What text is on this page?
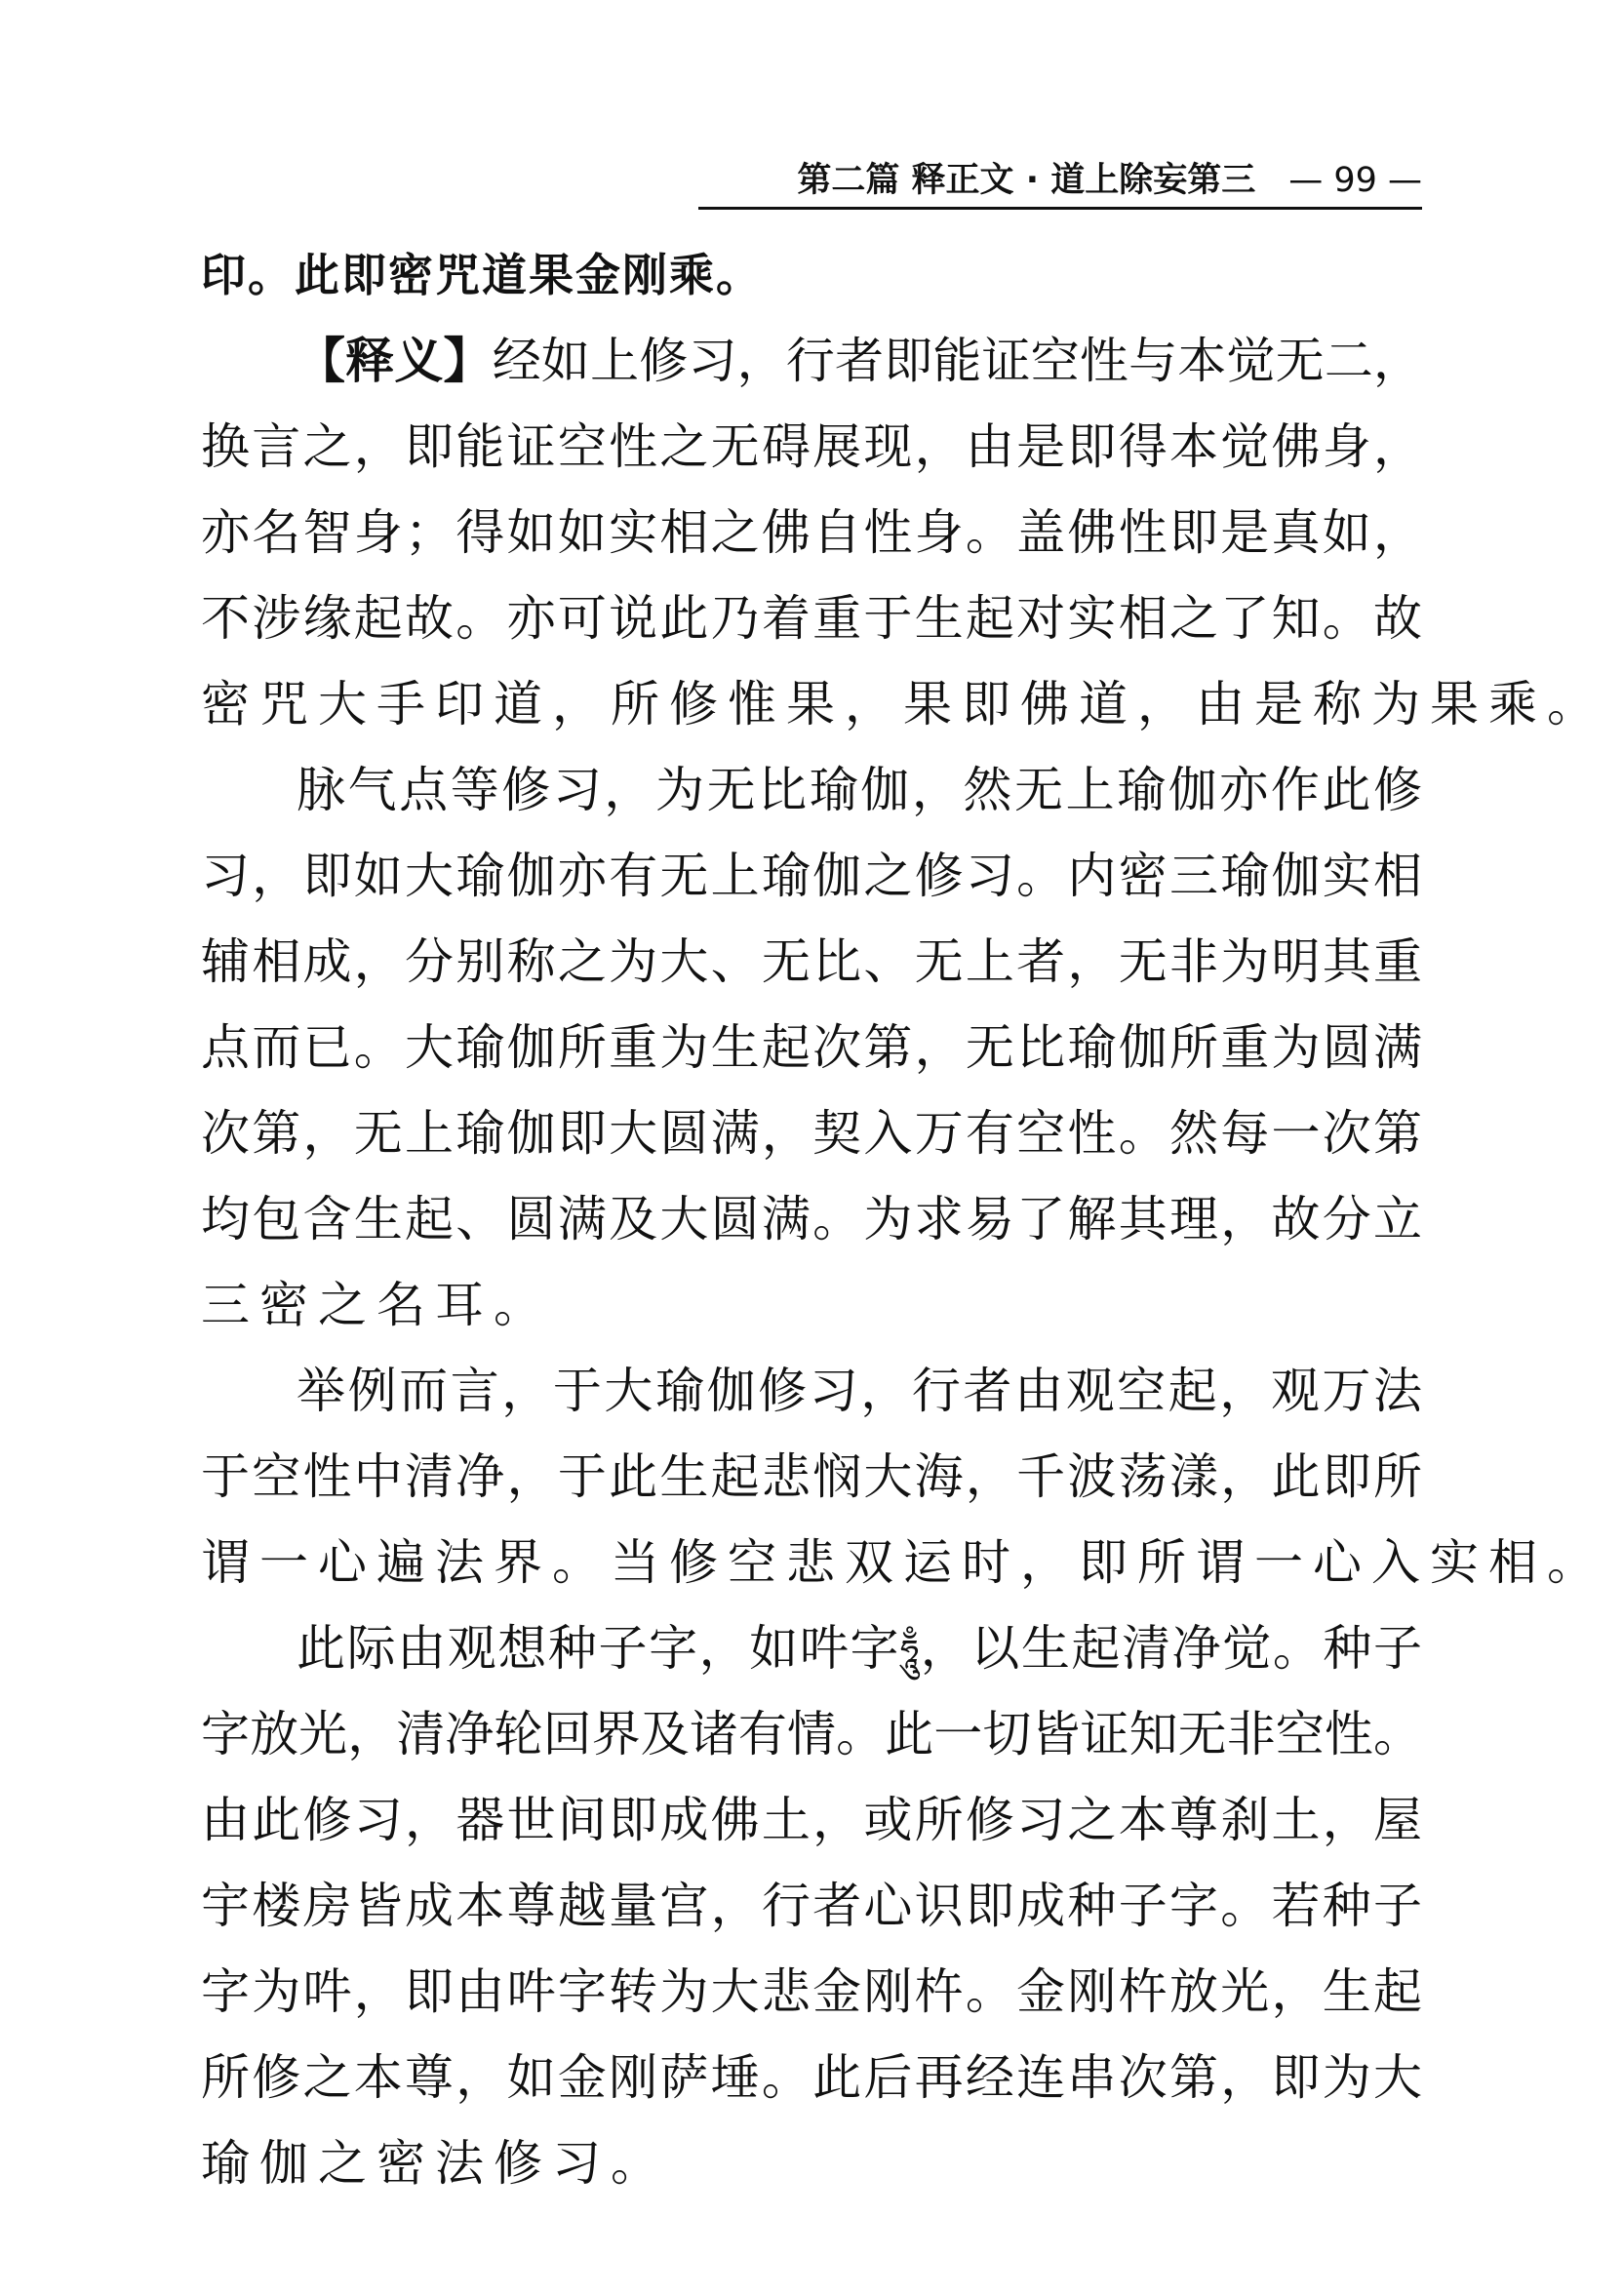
第二篇 释正文 · 道上除妄第三 — 99 —
印。此即密咒道果金刚乘。
【释义】经如上修习，行者即能证空性与本觉无二，
换言之，即能证空性之无碍展现，由是即得本觉佛身，
亦名智身；得如如实相之佛自性身。盖佛性即是真如，
不涉缘起故。亦可说此乃着重于生起对实相之了知。故
密咒大手印道，所修惟果，果即佛道，由是称为果乘。
脉气点等修习，为无比瑜伽，然无上瑜伽亦作此修
习，即如大瑜伽亦有无上瑜伽之修习。内密三瑜伽实相
辅相成，分别称之为大、无比、无上者，无非为明其重
点而已。大瑜伽所重为生起次第，无比瑜伽所重为圆满
次第，无上瑜伽即大圆满，契入万有空性。然每一次第
均包含生起、圆满及大圆满。为求易了解其理，故分立
三密之名耳。
举例而言，于大瑜伽修习，行者由观空起，观万法
于空性中清净，于此生起悲悯大海，千波荡漾，此即所
谓一心遍法界。当修空悲双运时，即所谓一心入实相。
此际由观想种子字，如吽字ཧཱུྃ，以生起清净觉。种子
字放光，清净轮回界及诸有情。此一切皆证知无非空性。
由此修习，器世间即成佛土，或所修习之本尊刹土，屋
宇楼房皆成本尊越量宫，行者心识即成种子字。若种子
字为吽，即由吽字转为大悲金刚杵。金刚杵放光，生起
所修之本尊，如金刚萨埵。此后再经连串次第，即为大
瑜伽之密法修习。
